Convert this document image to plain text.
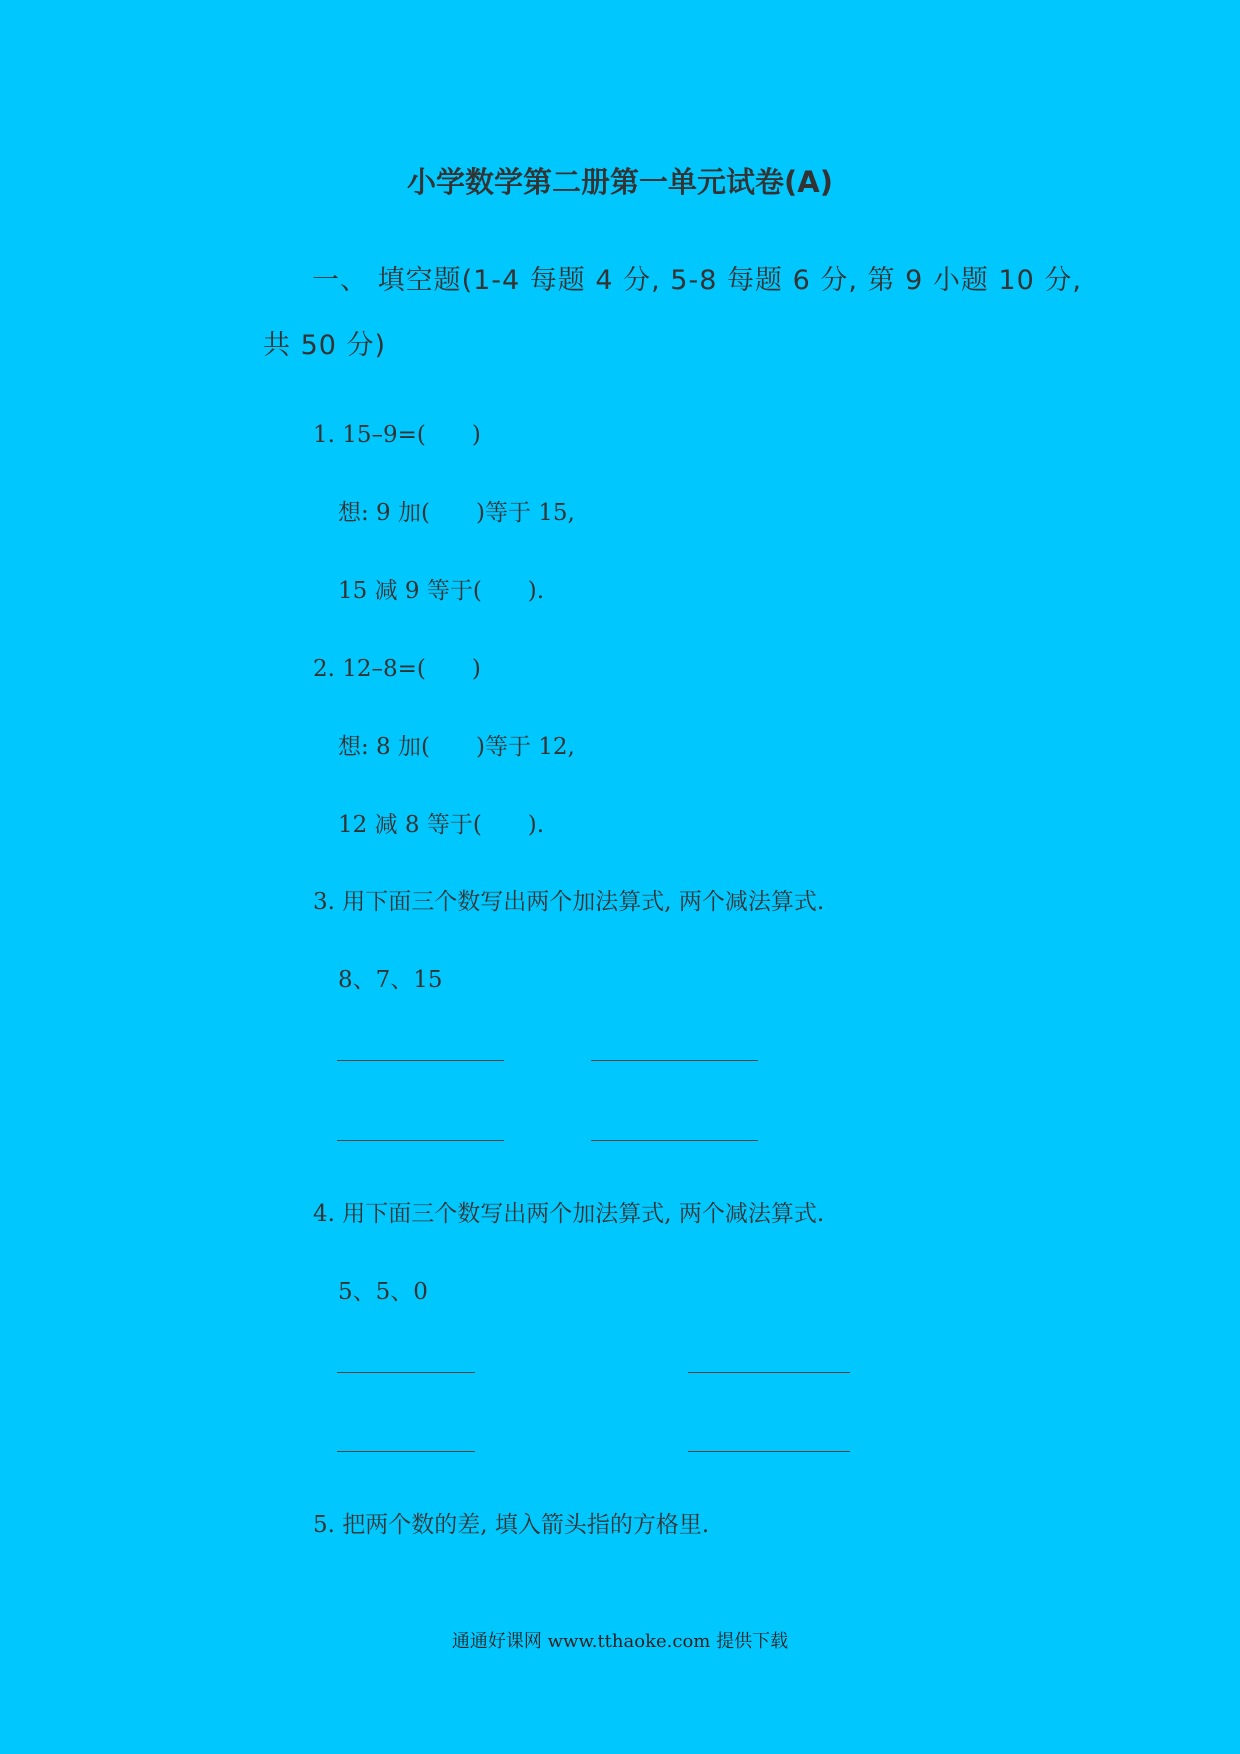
小学数学第二册第一单元试卷(A)
一、 填空题(1-4 每题 4 分, 5-8 每题 6 分, 第 9 小题 10 分,
共 50 分)
1. 15–9=(　　)
想: 9 加(　　)等于 15,
15 减 9 等于(　　).
2. 12–8=(　　)
想: 8 加(　　)等于 12,
12 减 8 等于(　　).
3. 用下面三个数写出两个加法算式, 两个减法算式.
8、7、15
4. 用下面三个数写出两个加法算式, 两个减法算式.
5、5、0
5. 把两个数的差, 填入箭头指的方格里.
通通好课网 www.tthaoke.com 提供下载
